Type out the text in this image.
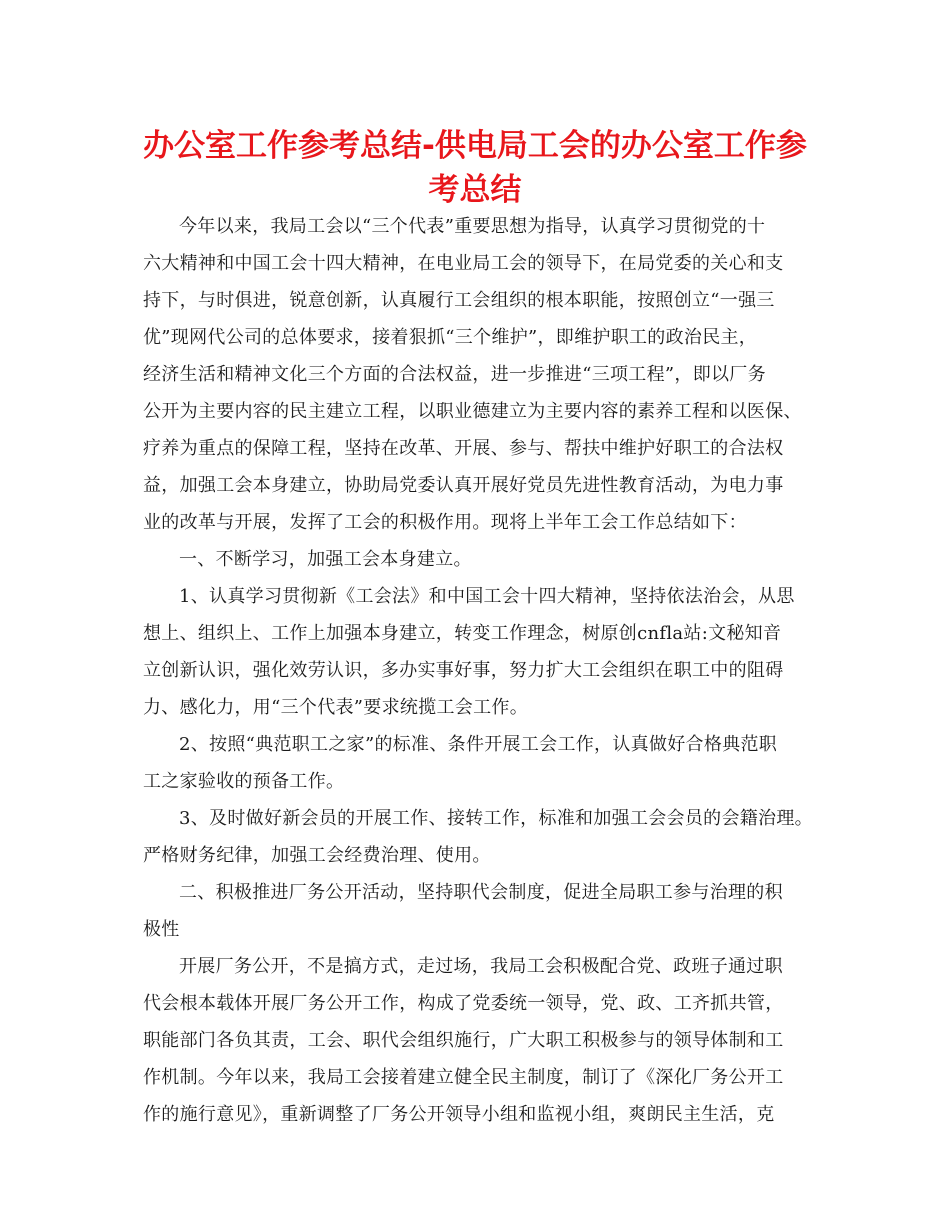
办公室工作参考总结-供电局工会的办公室工作参
考总结
今年以来，我局工会以“三个代表”重要思想为指导，认真学习贯彻党的十
六大精神和中国工会十四大精神，在电业局工会的领导下，在局党委的关心和支
持下，与时俱进，锐意创新，认真履行工会组织的根本职能，按照创立“一强三
优”现网代公司的总体要求，接着狠抓“三个维护”，即维护职工的政治民主，
经济生活和精神文化三个方面的合法权益，进一步推进“三项工程”，即以厂务
公开为主要内容的民主建立工程，以职业德建立为主要内容的素养工程和以医保、
疗养为重点的保障工程，坚持在改革、开展、参与、帮扶中维护好职工的合法权
益，加强工会本身建立，协助局党委认真开展好党员先进性教育活动，为电力事
业的改革与开展，发挥了工会的积极作用。现将上半年工会工作总结如下：
一、不断学习，加强工会本身建立。
1、认真学习贯彻新《工会法》和中国工会十四大精神，坚持依法治会，从思
想上、组织上、工作上加强本身建立，转变工作理念，树原创cnfla站:文秘知音
立创新认识，强化效劳认识，多办实事好事，努力扩大工会组织在职工中的阻碍
力、感化力，用“三个代表”要求统揽工会工作。
2、按照“典范职工之家”的标准、条件开展工会工作，认真做好合格典范职
工之家验收的预备工作。
3、及时做好新会员的开展工作、接转工作，标准和加强工会会员的会籍治理。
严格财务纪律，加强工会经费治理、使用。
二、积极推进厂务公开活动，坚持职代会制度，促进全局职工参与治理的积
极性
开展厂务公开，不是搞方式，走过场，我局工会积极配合党、政班子通过职
代会根本载体开展厂务公开工作，构成了党委统一领导，党、政、工齐抓共管，
职能部门各负其责，工会、职代会组织施行，广大职工积极参与的领导体制和工
作机制。今年以来，我局工会接着建立健全民主制度，制订了《深化厂务公开工
作的施行意见》，重新调整了厂务公开领导小组和监视小组，爽朗民主生活，克
